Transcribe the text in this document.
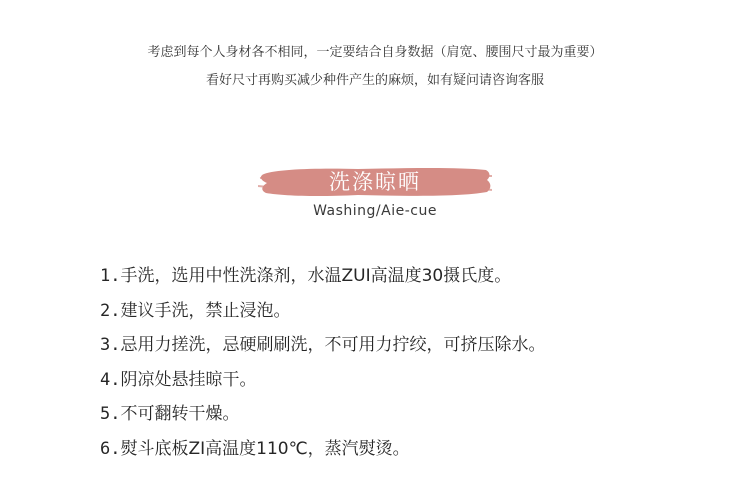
考虑到每个人身材各不相同，一定要结合自身数据（肩宽、腰围尺寸最为重要）
看好尺寸再购买减少种件产生的麻烦，如有疑问请咨询客服
洗涤晾晒
Washing/Aie-cue
1.手洗，选用中性洗涤剂，水温ZUI高温度30摄氏度。
2.建议手洗，禁止浸泡。
3.忌用力搓洗，忌硬刷刷洗，不可用力拧绞，可挤压除水。
4.阴凉处悬挂晾干。
5.不可翻转干燥。
6.熨斗底板ZI高温度110℃，蒸汽熨烫。
